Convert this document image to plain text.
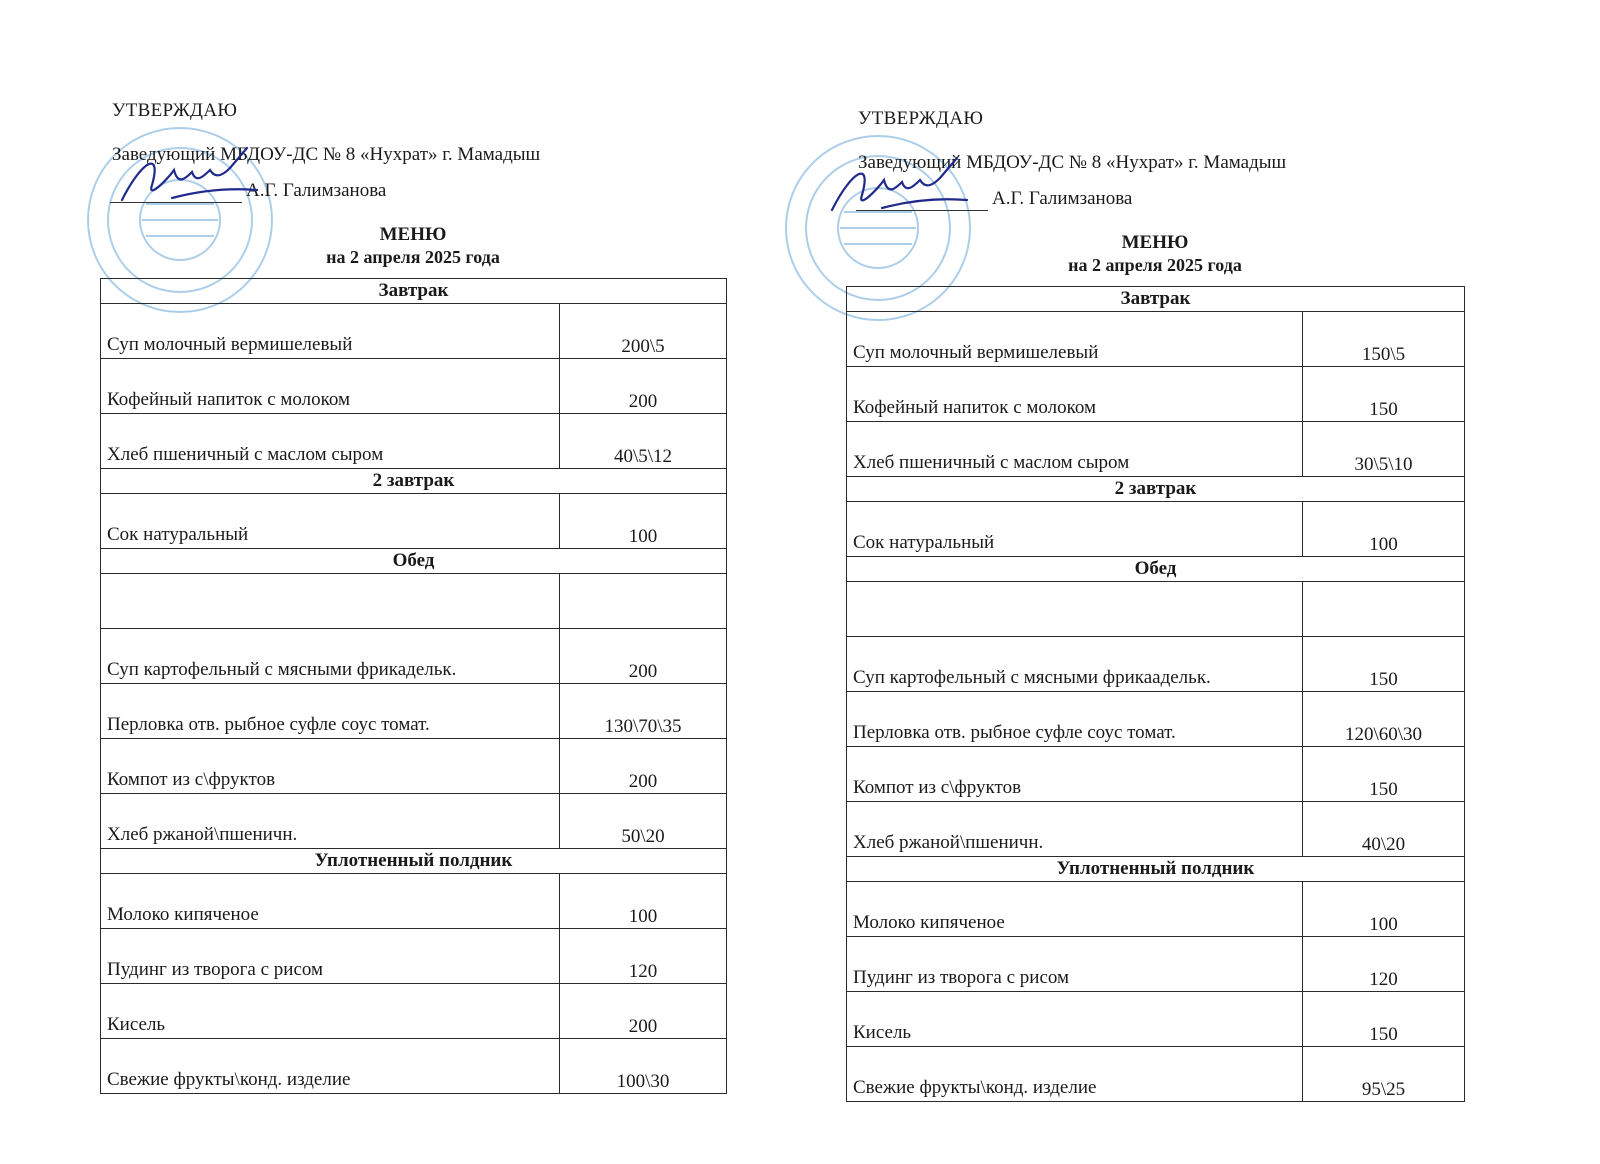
УТВЕРЖДАЮ
Заведующий МБДОУ-ДС № 8 «Нухрат» г. Мамадыш
А.Г. Галимзанова
МЕНЮ
на 2 апреля 2025 года
Завтрак	
Суп молочный вермишелевый	200\5
Кофейный напиток с молоком	200
Хлеб пшеничный с маслом сыром	40\5\12
2 завтрак	
Сок натуральный	100
Обед	

Суп картофельный с мясными фрикадельк.	200
Перловка отв. рыбное суфле соус томат.	130\70\35
Компот из с\фруктов	200
Хлеб ржаной\пшеничн.	50\20
Уплотненный полдник	
Молоко кипяченое	100
Пудинг из творога с рисом	120
Кисель	200
Свежие фрукты\конд. изделие	100\30
УТВЕРЖДАЮ
Заведующий МБДОУ-ДС № 8 «Нухрат» г. Мамадыш
А.Г. Галимзанова
МЕНЮ
на 2 апреля 2025 года
Завтрак	
Суп молочный вермишелевый	150\5
Кофейный напиток с молоком	150
Хлеб пшеничный с маслом сыром	30\5\10
2 завтрак	
Сок натуральный	100
Обед	

Суп картофельный с мясными фрикаадельк.	150
Перловка отв. рыбное суфле соус томат.	120\60\30
Компот из с\фруктов	150
Хлеб ржаной\пшеничн.	40\20
Уплотненный полдник	
Молоко кипяченое	100
Пудинг из творога с рисом	120
Кисель	150
Свежие фрукты\конд. изделие	95\25
